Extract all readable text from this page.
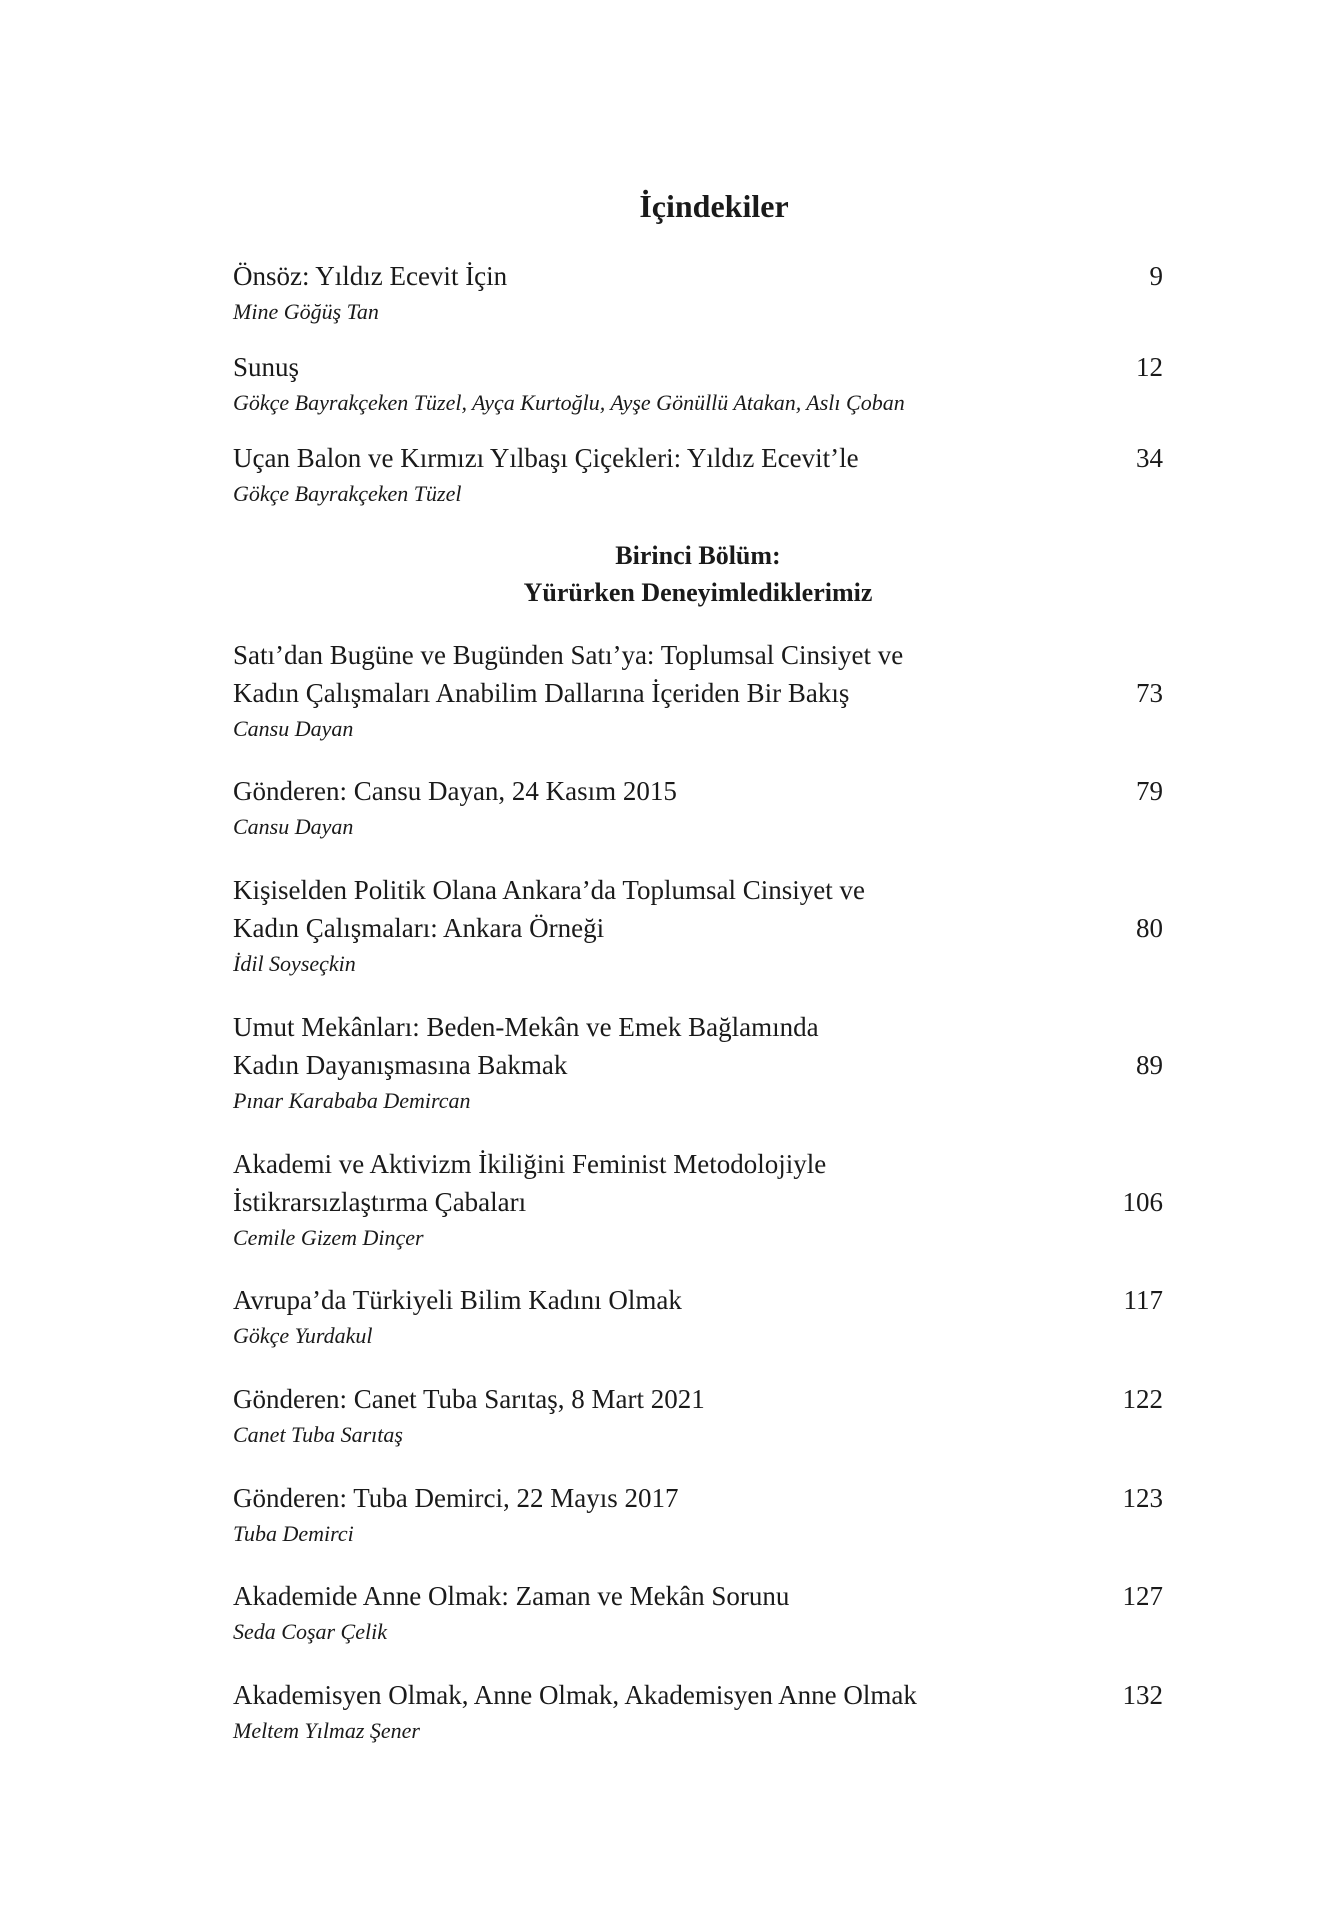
İçindekiler
Önsöz: Yıldız Ecevit İçin	9
Mine Göğüş Tan
Sunuş	12
Gökçe Bayrakçeken Tüzel, Ayça Kurtoğlu, Ayşe Gönüllü Atakan, Aslı Çoban
Uçan Balon ve Kırmızı Yılbaşı Çiçekleri: Yıldız Ecevit’le	34
Gökçe Bayrakçeken Tüzel
Birinci Bölüm:
Yürürken Deneyimlediklerimiz
Satı’dan Bugüne ve Bugünden Satı’ya: Toplumsal Cinsiyet ve
Kadın Çalışmaları Anabilim Dallarına İçeriden Bir Bakış	73
Cansu Dayan
Gönderen: Cansu Dayan, 24 Kasım 2015	79
Cansu Dayan
Kişiselden Politik Olana Ankara’da Toplumsal Cinsiyet ve
Kadın Çalışmaları: Ankara Örneği	80
İdil Soyseçkin
Umut Mekânları: Beden-Mekân ve Emek Bağlamında
Kadın Dayanışmasına Bakmak	89
Pınar Karababa Demircan
Akademi ve Aktivizm İkiliğini Feminist Metodolojiyle
İstikrarsızlaştırma Çabaları	106
Cemile Gizem Dinçer
Avrupa’da Türkiyeli Bilim Kadını Olmak	117
Gökçe Yurdakul
Gönderen: Canet Tuba Sarıtaş, 8 Mart 2021	122
Canet Tuba Sarıtaş
Gönderen: Tuba Demirci, 22 Mayıs 2017	123
Tuba Demirci
Akademide Anne Olmak: Zaman ve Mekân Sorunu	127
Seda Coşar Çelik
Akademisyen Olmak, Anne Olmak, Akademisyen Anne Olmak	132
Meltem Yılmaz Şener
